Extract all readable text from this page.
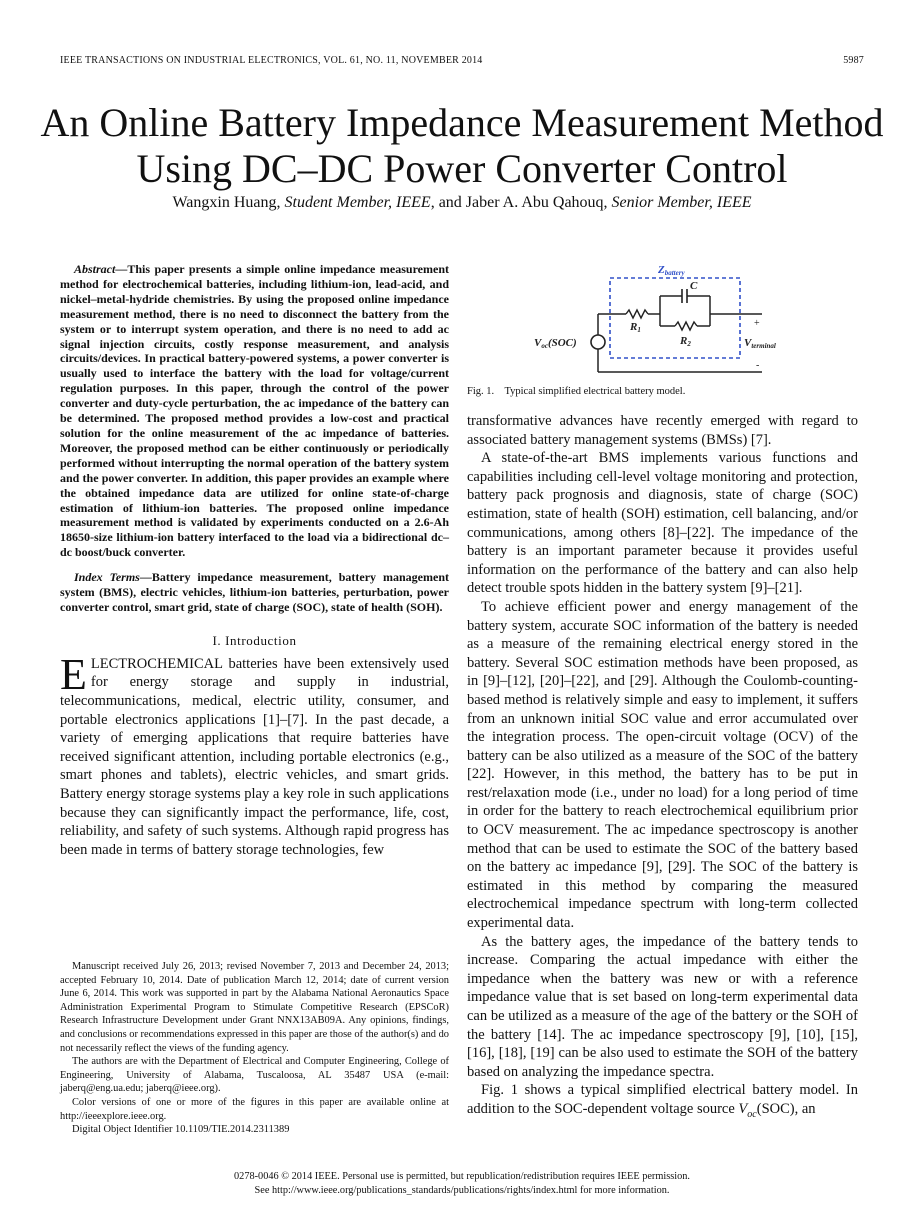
IEEE TRANSACTIONS ON INDUSTRIAL ELECTRONICS, VOL. 61, NO. 11, NOVEMBER 2014	5987
An Online Battery Impedance Measurement Method
Using DC–DC Power Converter Control
Wangxin Huang, Student Member, IEEE, and Jaber A. Abu Qahouq, Senior Member, IEEE

Abstract—This paper presents a simple online impedance measurement method for electrochemical batteries, including lithium-ion, lead-acid, and nickel–metal-hydride chemistries. By using the proposed online impedance measurement method, there is no need to disconnect the battery from the system or to interrupt system operation, and there is no need to add ac signal injection circuits, costly response measurement, and analysis circuits/devices. In practical battery-powered systems, a power converter is usually used to interface the battery with the load for voltage/current regulation purposes. In this paper, through the control of the power converter and duty-cycle perturbation, the ac impedance of the battery can be determined. The proposed method provides a low-cost and practical solution for the online measurement of the ac impedance of batteries. Moreover, the proposed method can be either continuously or periodically performed without interrupting the normal operation of the battery system and the power converter. In addition, this paper provides an example where the obtained impedance data are utilized for online state-of-charge estimation of lithium-ion batteries. The proposed online impedance measurement method is validated by experiments conducted on a 2.6-Ah 18650-size lithium-ion battery interfaced to the load via a bidirectional dc–dc boost/buck converter.

Index Terms—Battery impedance measurement, battery management system (BMS), electric vehicles, lithium-ion batteries, perturbation, power converter control, smart grid, state of charge (SOC), state of health (SOH).

I. Introduction

ELECTROCHEMICAL batteries have been extensively used for energy storage and supply in industrial, telecommunications, medical, electric utility, consumer, and portable electronics applications [1]–[7]. In the past decade, a variety of emerging applications that require batteries have received significant attention, including portable electronics (e.g., smart phones and tablets), electric vehicles, and smart grids. Battery energy storage systems play a key role in such applications because they can significantly impact the performance, life, cost, reliability, and safety of such systems. Although rapid progress has been made in terms of battery storage technologies, few

Manuscript received July 26, 2013; revised November 7, 2013 and December 24, 2013; accepted February 10, 2014. Date of publication March 12, 2014; date of current version June 6, 2014. This work was supported in part by the Alabama National Aeronautics Space Administration Experimental Program to Stimulate Competitive Research (EPSCoR) Research Infrastructure Development under Grant NNX13AB09A. Any opinions, findings, and conclusions or recommendations expressed in this paper are those of the author(s) and do not necessarily reflect the views of the funding agency.

The authors are with the Department of Electrical and Computer Engineering, College of Engineering, University of Alabama, Tuscaloosa, AL 35487 USA (e-mail: jaberq@eng.ua.edu; jaberq@ieee.org).

Color versions of one or more of the figures in this paper are available online at http://ieeexplore.ieee.org.

Digital Object Identifier 10.1109/TIE.2014.2311389

Zbattery
R1
C
R2
+
-
Voc(SOC)	Vterminal
Fig. 1.    Typical simplified electrical battery model.

transformative advances have recently emerged with regard to associated battery management systems (BMSs) [7].

A state-of-the-art BMS implements various functions and capabilities including cell-level voltage monitoring and protection, battery pack prognosis and diagnosis, state of charge (SOC) estimation, state of health (SOH) estimation, cell balancing, and/or communications, among others [8]–[22]. The impedance of the battery is an important parameter because it provides useful information on the performance of the battery and can also help detect trouble spots hidden in the battery system [9]–[21].

To achieve efficient power and energy management of the battery system, accurate SOC information of the battery is needed as a measure of the remaining electrical energy stored in the battery. Several SOC estimation methods have been proposed, as in [9]–[12], [20]–[22], and [29]. Although the Coulomb-counting-based method is relatively simple and easy to implement, it suffers from an unknown initial SOC value and error accumulated over the integration process. The open-circuit voltage (OCV) of the battery can be also utilized as a measure of the SOC of the battery [22]. However, in this method, the battery has to be put in rest/relaxation mode (i.e., under no load) for a long period of time in order for the battery to reach electrochemical equilibrium prior to OCV measurement. The ac impedance spectroscopy is another method that can be used to estimate the SOC of the battery based on the battery ac impedance [9], [29]. The SOC of the battery is estimated in this method by comparing the measured electrochemical impedance spectrum with long-term collected experimental data.

As the battery ages, the impedance of the battery tends to increase. Comparing the actual impedance with either the impedance when the battery was new or with a reference impedance value that is set based on long-term experimental data can be utilized as a measure of the age of the battery or the SOH of the battery [14]. The ac impedance spectroscopy [9], [10], [15], [16], [18], [19] can be also used to estimate the SOH of the battery based on analyzing the impedance spectra.

Fig. 1 shows a typical simplified electrical battery model. In addition to the SOC-dependent voltage source $V_{oc}(SOC)$, an

0278-0046 © 2014 IEEE. Personal use is permitted, but republication/redistribution requires IEEE permission.
See http://www.ieee.org/publications_standards/publications/rights/index.html for more information.
